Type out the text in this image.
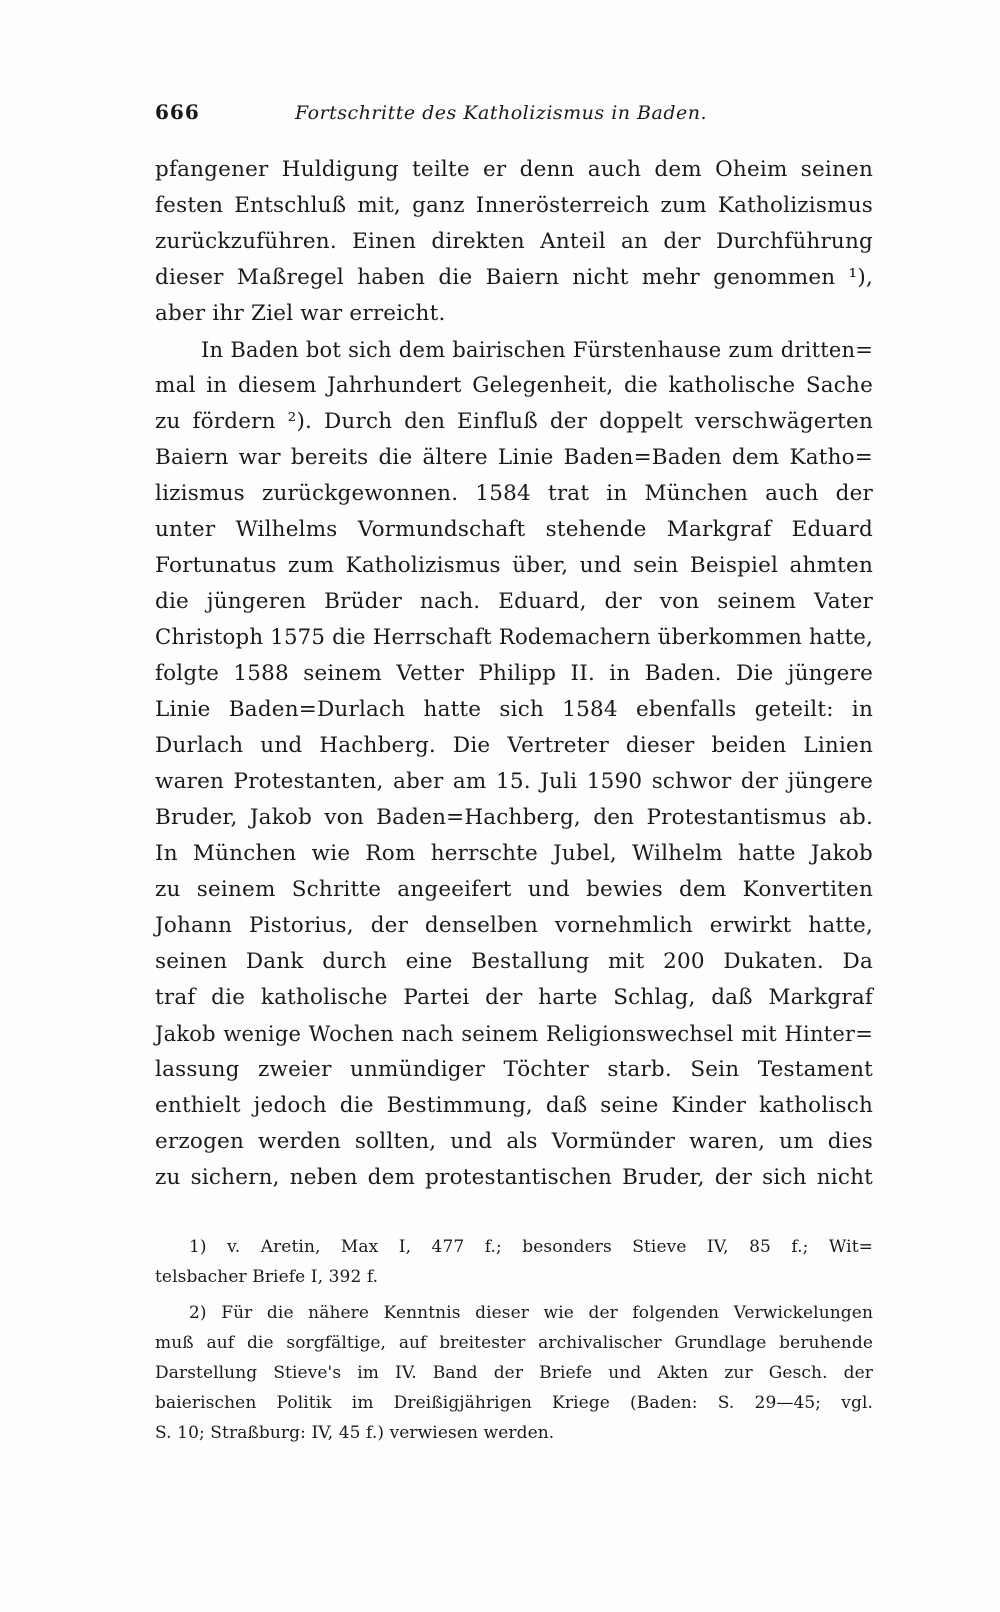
666	Fortschritte des Katholizismus in Baden.
pfangener Huldigung teilte er denn auch dem Oheim seinen
festen Entschluß mit, ganz Innerösterreich zum Katholizismus
zurückzuführen. Einen direkten Anteil an der Durchführung
dieser Maßregel haben die Baiern nicht mehr genommen ¹),
aber ihr Ziel war erreicht.
In Baden bot sich dem bairischen Fürstenhause zum dritten=
mal in diesem Jahrhundert Gelegenheit, die katholische Sache
zu fördern ²). Durch den Einfluß der doppelt verschwägerten
Baiern war bereits die ältere Linie Baden=Baden dem Katho=
lizismus zurückgewonnen. 1584 trat in München auch der
unter Wilhelms Vormundschaft stehende Markgraf Eduard
Fortunatus zum Katholizismus über, und sein Beispiel ahmten
die jüngeren Brüder nach. Eduard, der von seinem Vater
Christoph 1575 die Herrschaft Rodemachern überkommen hatte,
folgte 1588 seinem Vetter Philipp II. in Baden. Die jüngere
Linie Baden=Durlach hatte sich 1584 ebenfalls geteilt: in
Durlach und Hachberg. Die Vertreter dieser beiden Linien
waren Protestanten, aber am 15. Juli 1590 schwor der jüngere
Bruder, Jakob von Baden=Hachberg, den Protestantismus ab.
In München wie Rom herrschte Jubel, Wilhelm hatte Jakob
zu seinem Schritte angeeifert und bewies dem Konvertiten
Johann Pistorius, der denselben vornehmlich erwirkt hatte,
seinen Dank durch eine Bestallung mit 200 Dukaten. Da
traf die katholische Partei der harte Schlag, daß Markgraf
Jakob wenige Wochen nach seinem Religionswechsel mit Hinter=
lassung zweier unmündiger Töchter starb. Sein Testament
enthielt jedoch die Bestimmung, daß seine Kinder katholisch
erzogen werden sollten, und als Vormünder waren, um dies
zu sichern, neben dem protestantischen Bruder, der sich nicht
1) v. Aretin, Max I, 477 f.; besonders Stieve IV, 85 f.; Wit=
telsbacher Briefe I, 392 f.
2) Für die nähere Kenntnis dieser wie der folgenden Verwickelungen
muß auf die sorgfältige, auf breitester archivalischer Grundlage beruhende
Darstellung Stieve's im IV. Band der Briefe und Akten zur Gesch. der
baierischen Politik im Dreißigjährigen Kriege (Baden: S. 29—45; vgl.
S. 10; Straßburg: IV, 45 f.) verwiesen werden.
